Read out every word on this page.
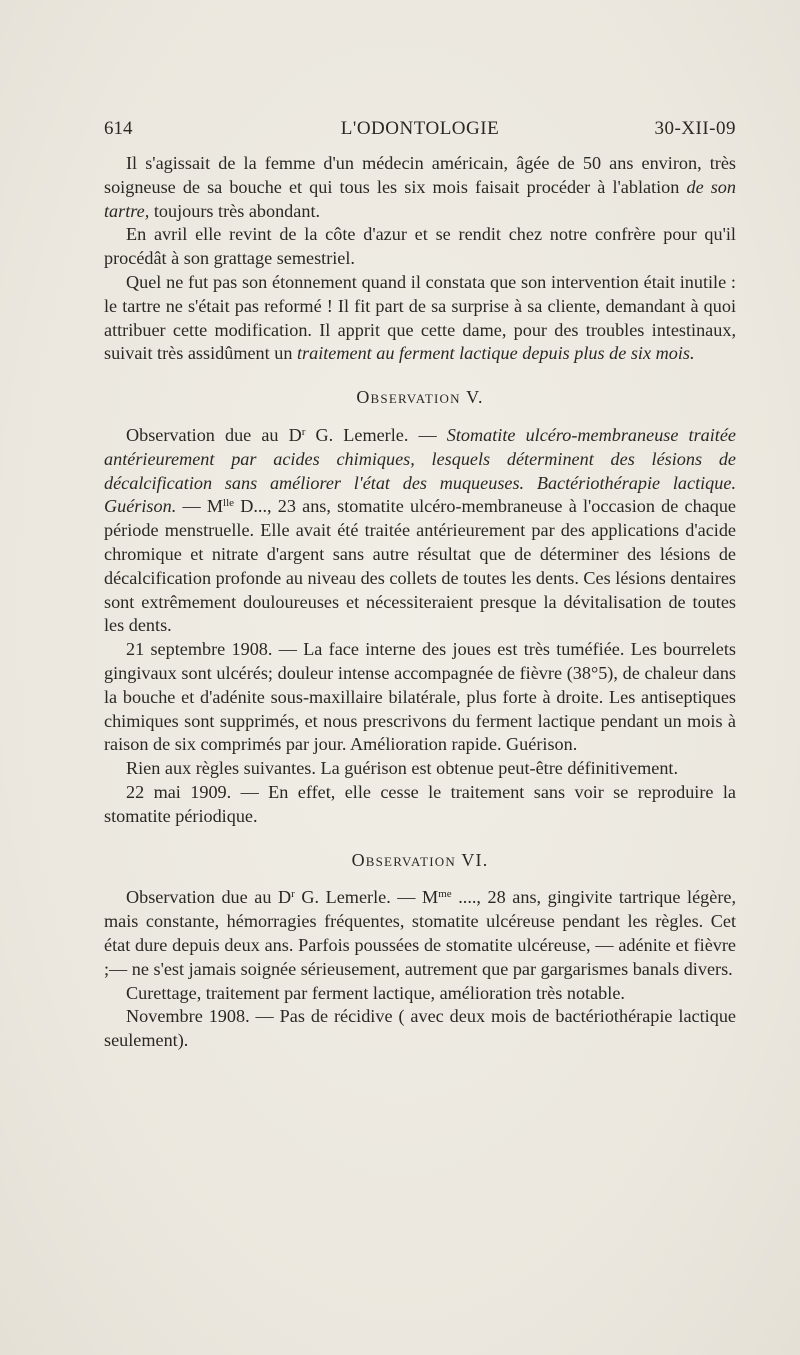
L'ODONTOLOGIE
614	30-XII-09

Il s'agissait de la femme d'un médecin américain, âgée de 50 ans environ, très soigneuse de sa bouche et qui tous les six mois faisait procéder à l'ablation de son tartre, toujours très abondant.

En avril elle revint de la côte d'azur et se rendit chez notre confrère pour qu'il procédât à son grattage semestriel.

Quel ne fut pas son étonnement quand il constata que son intervention était inutile : le tartre ne s'était pas reformé ! Il fit part de sa surprise à sa cliente, demandant à quoi attribuer cette modification. Il apprit que cette dame, pour des troubles intestinaux, suivait très assidûment un traitement au ferment lactique depuis plus de six mois.

Observation V.

Observation due au $D^r$ G. Lemerle. — Stomatite ulcéro-membraneuse traitée antérieurement par acides chimiques, lesquels déterminent des lésions de décalcification sans améliorer l'état des muqueuses. Bactériothérapie lactique. Guérison. — $M^{lle}$ D..., 23 ans, stomatite ulcéro-membraneuse à l'occasion de chaque période menstruelle. Elle avait été traitée antérieurement par des applications d'acide chromique et nitrate d'argent sans autre résultat que de déterminer des lésions de décalcification profonde au niveau des collets de toutes les dents. Ces lésions dentaires sont extrêmement douloureuses et nécessiteraient presque la dévitalisation de toutes les dents.

21 septembre 1908. — La face interne des joues est très tuméfiée. Les bourrelets gingivaux sont ulcérés; douleur intense accompagnée de fièvre (38°5), de chaleur dans la bouche et d'adénite sous-maxillaire bilatérale, plus forte à droite. Les antiseptiques chimiques sont supprimés, et nous prescrivons du ferment lactique pendant un mois à raison de six comprimés par jour. Amélioration rapide. Guérison.

Rien aux règles suivantes. La guérison est obtenue peut-être définitivement.

22 mai 1909. — En effet, elle cesse le traitement sans voir se reproduire la stomatite périodique.

Observation VI.

Observation due au $D^r$ G. Lemerle. — $M^{me}$ ...., 28 ans, gingivite tartrique légère, mais constante, hémorragies fréquentes, stomatite ulcéreuse pendant les règles. Cet état dure depuis deux ans. Parfois poussées de stomatite ulcéreuse, — adénite et fièvre ;— ne s'est jamais soignée sérieusement, autrement que par gargarismes banals divers.

Curettage, traitement par ferment lactique, amélioration très notable.

Novembre 1908. — Pas de récidive ( avec deux mois de bactériothérapie lactique seulement).
